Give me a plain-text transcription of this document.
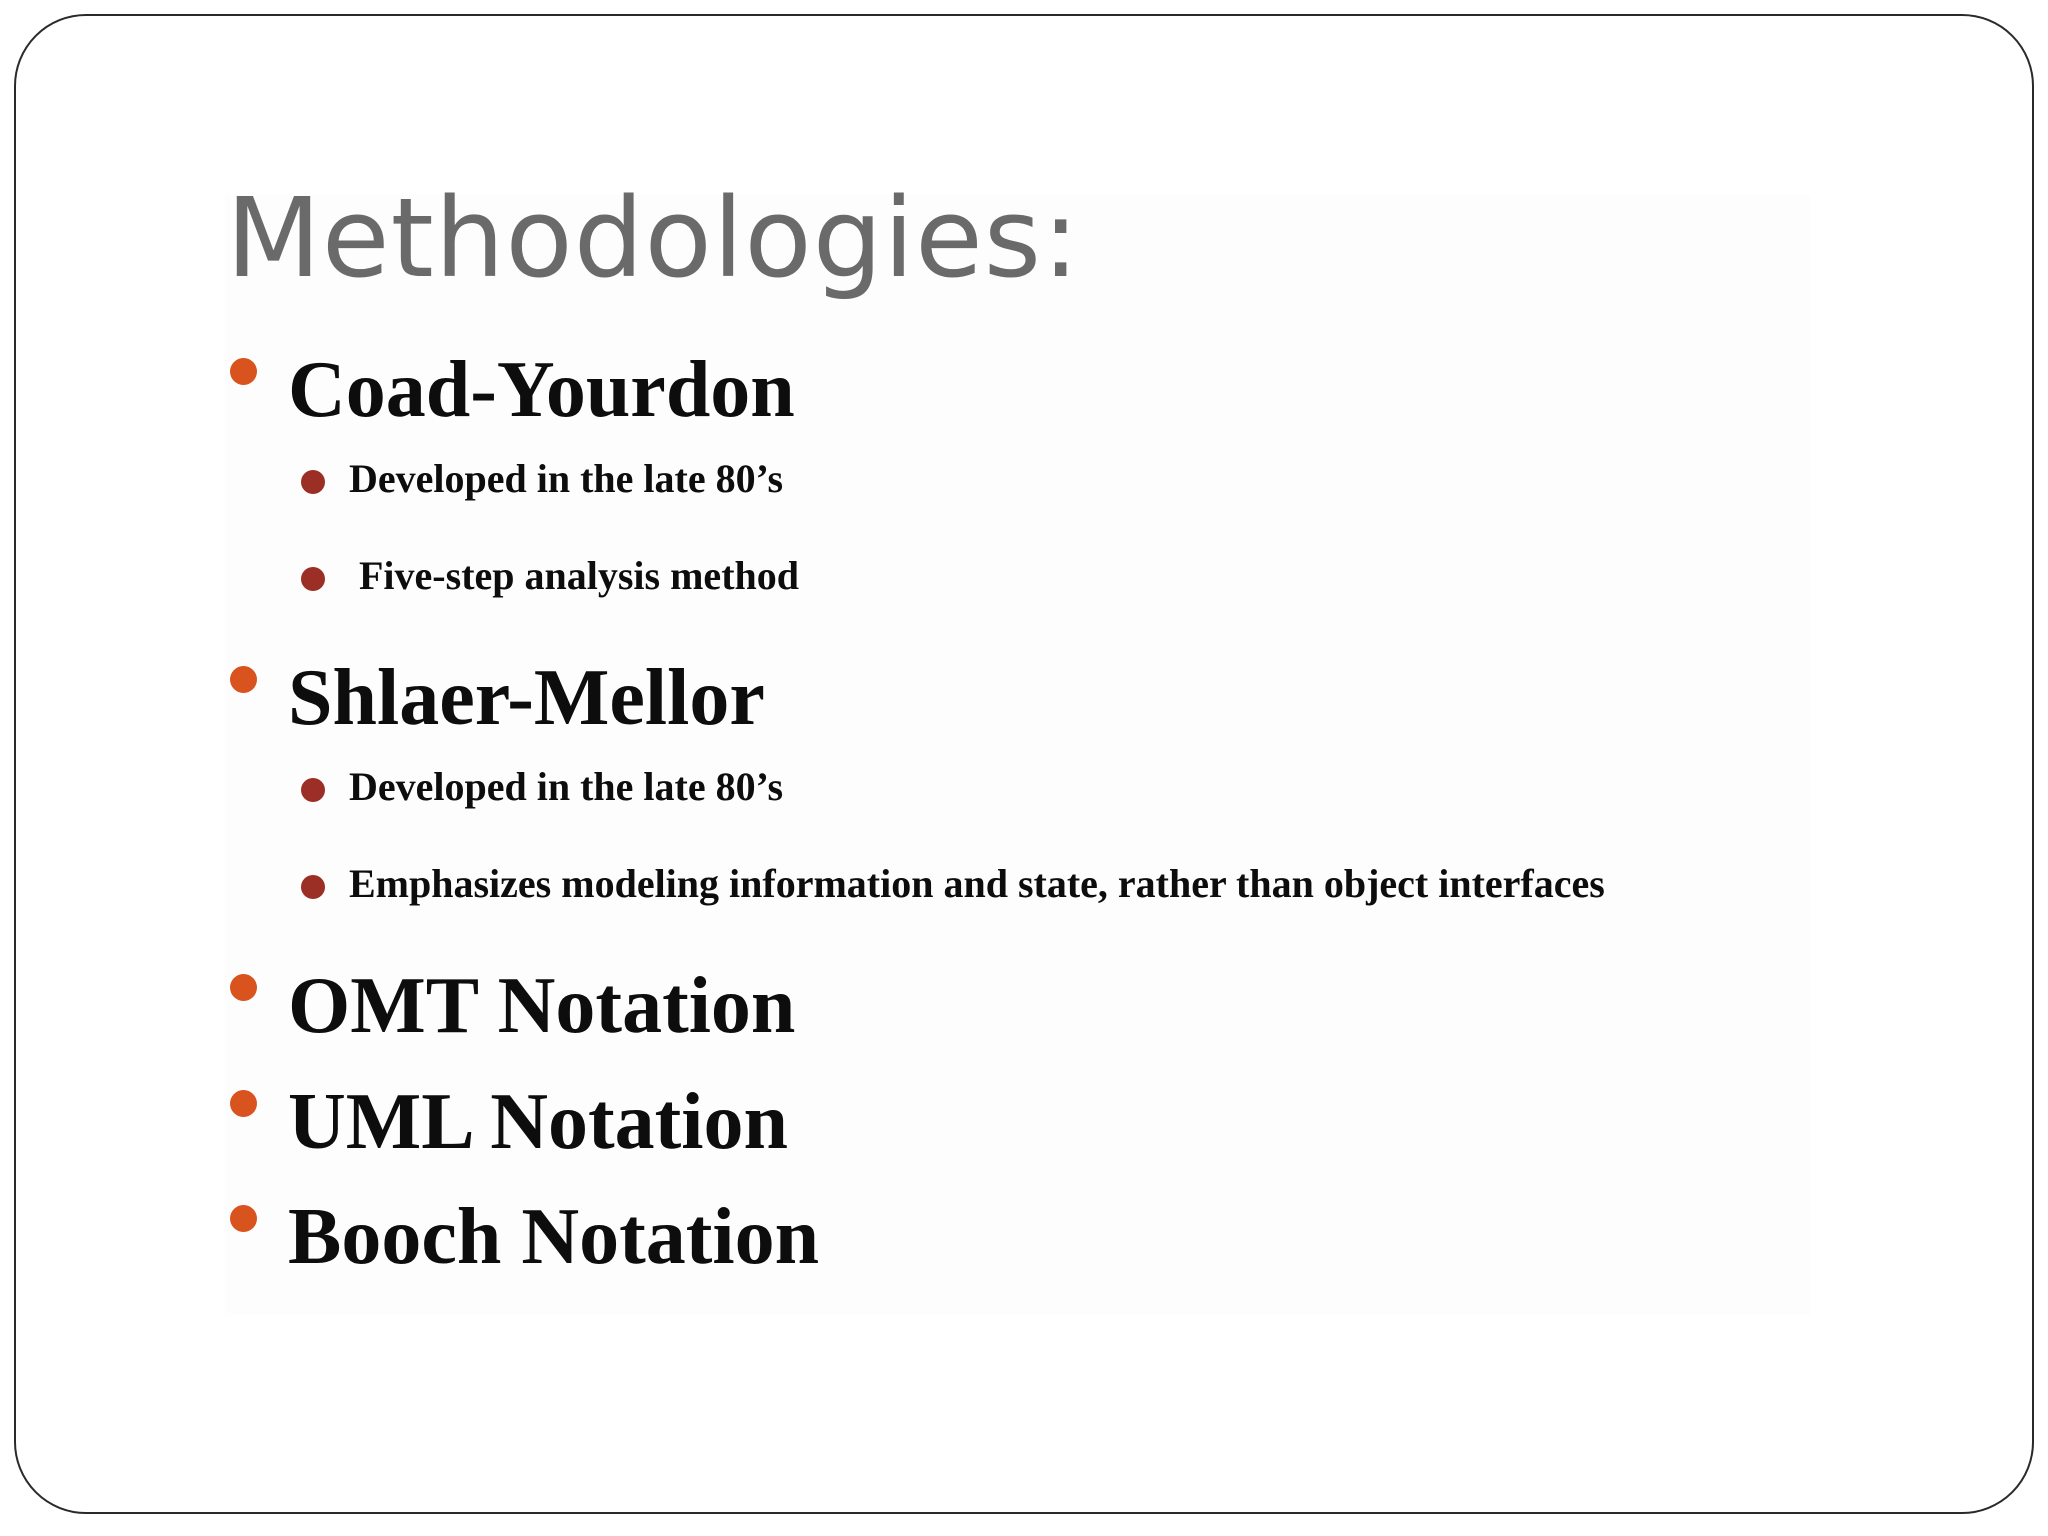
Methodologies:
Coad-Yourdon
Developed in the late 80’s
Five-step analysis method
Shlaer-Mellor
Developed in the late 80’s
Emphasizes modeling information and state, rather than object interfaces
OMT Notation
UML Notation
Booch Notation
